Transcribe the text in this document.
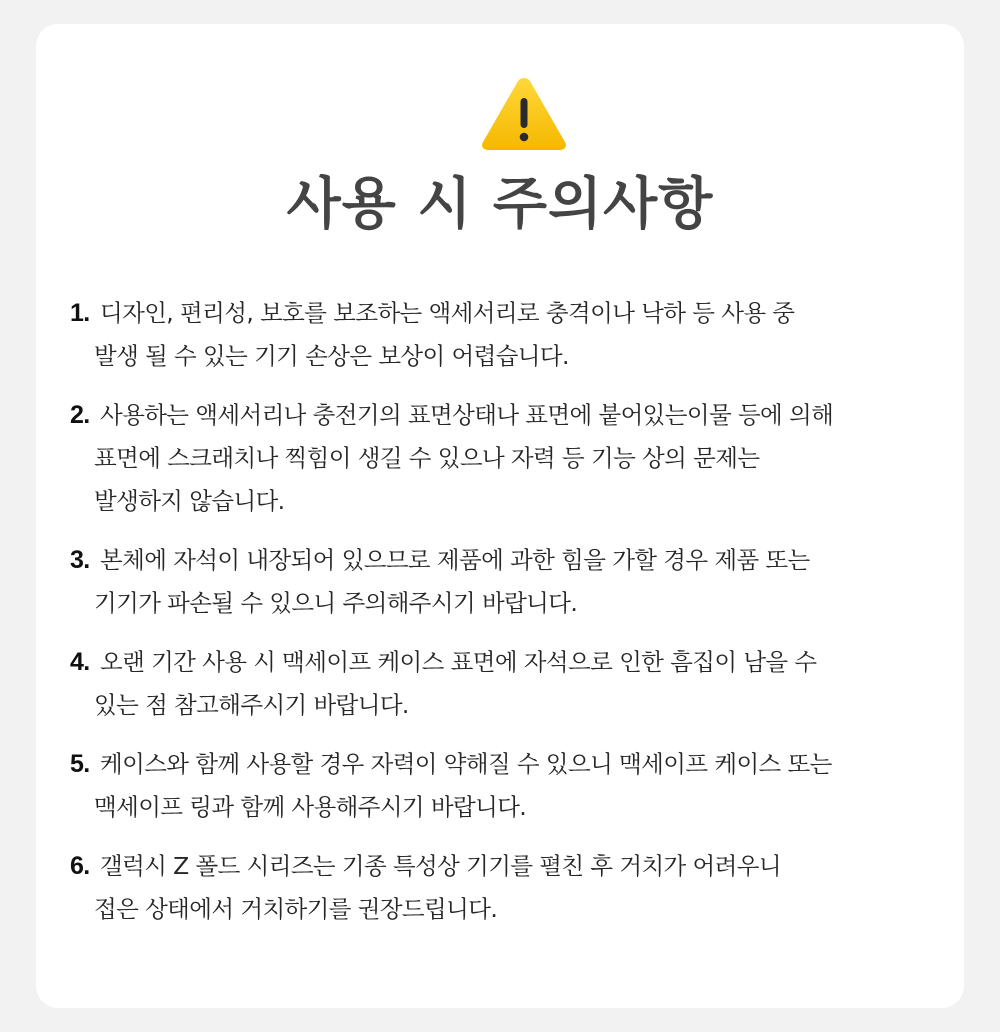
사용 시 주의사항
1. 디자인, 편리성, 보호를 보조하는 액세서리로 충격이나 낙하 등 사용 중
발생 될 수 있는 기기 손상은 보상이 어렵습니다.
2. 사용하는 액세서리나 충전기의 표면상태나 표면에 붙어있는이물 등에 의해
표면에 스크래치나 찍힘이 생길 수 있으나 자력 등 기능 상의 문제는
발생하지 않습니다.
3. 본체에 자석이 내장되어 있으므로 제품에 과한 힘을 가할 경우 제품 또는
기기가 파손될 수 있으니 주의해주시기 바랍니다.
4. 오랜 기간 사용 시 맥세이프 케이스 표면에 자석으로 인한 흠집이 남을 수
있는 점 참고해주시기 바랍니다.
5. 케이스와 함께 사용할 경우 자력이 약해질 수 있으니 맥세이프 케이스 또는
맥세이프 링과 함께 사용해주시기 바랍니다.
6. 갤럭시 Z 폴드 시리즈는 기종 특성상 기기를 펼친 후 거치가 어려우니
접은 상태에서 거치하기를 권장드립니다.
